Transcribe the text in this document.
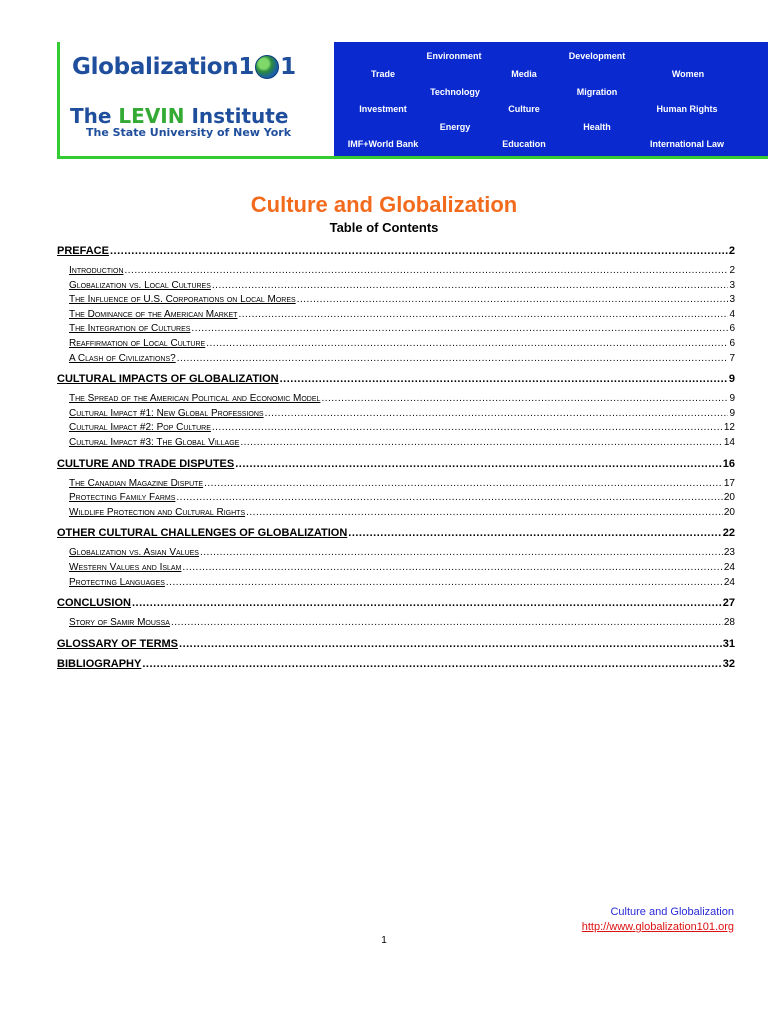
Globalization 1 1
The LEVIN Institute
The State University of New York
Environment	Development
Trade	Media	Women
Technology	Migration
Investment	Culture	Human Rights
Energy	Health
IMF+World Bank	Education	International Law
Culture and Globalization
Table of Contents
PREFACE .....	2
Introduction .....	2
Globalization vs. Local Cultures .....	3
The Influence of U.S. Corporations on Local Mores .....	3
The Dominance of the American Market .....	4
The Integration of Cultures .....	6
Reaffirmation of Local Culture .....	6
A Clash of Civilizations? .....	7
CULTURAL IMPACTS OF GLOBALIZATION .....	9
The Spread of the American Political and Economic Model .....	9
Cultural Impact #1: New Global Professions .....	9
Cultural Impact #2: Pop Culture .....	12
Cultural Impact #3: The Global Village .....	14
CULTURE AND TRADE DISPUTES .....	16
The Canadian Magazine Dispute .....	17
Protecting Family Farms .....	20
Wildlife Protection and Cultural Rights .....	20
OTHER CULTURAL CHALLENGES OF GLOBALIZATION .....	22
Globalization vs. Asian Values .....	23
Western Values and Islam .....	24
Protecting Languages .....	24
CONCLUSION .....	27
Story of Samir Moussa .....	28
GLOSSARY OF TERMS .....	31
BIBLIOGRAPHY .....	32
Culture and Globalization
http://www.globalization101.org
1
